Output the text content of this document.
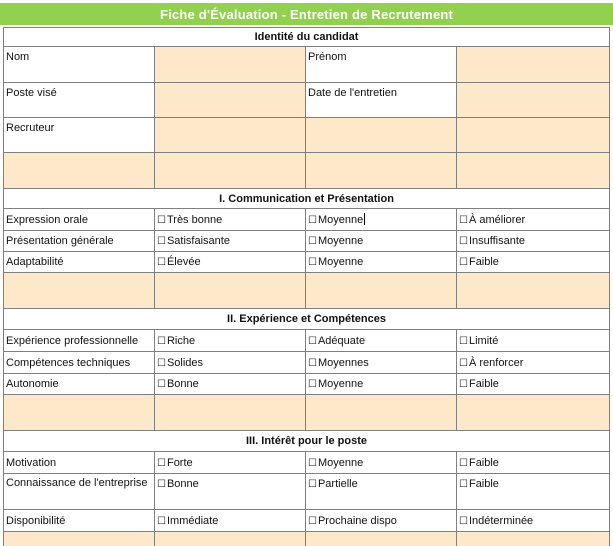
Fiche d'Évaluation - Entretien de Recrutement
Identité du candidat			
Nom		Prénom	
Poste visé		Date de l'entretien	
Recruteur			

I. Communication et Présentation			
Expression orale	☐Très bonne	☐Moyenne	☐À améliorer
Présentation générale	☐Satisfaisante	☐Moyenne	☐Insuffisante
Adaptabilité	☐Élevée	☐Moyenne	☐Faible

II. Expérience et Compétences			
Expérience professionnelle	☐Riche	☐Adéquate	☐Limité
Compétences techniques	☐Solides	☐Moyennes	☐À renforcer
Autonomie	☐Bonne	☐Moyenne	☐Faible

III. Intérêt pour le poste			
Motivation	☐Forte	☐Moyenne	☐Faible
Connaissance de l'entreprise	☐Bonne	☐Partielle	☐Faible
Disponibilité	☐Immédiate	☐Prochaine dispo	☐Indéterminée
